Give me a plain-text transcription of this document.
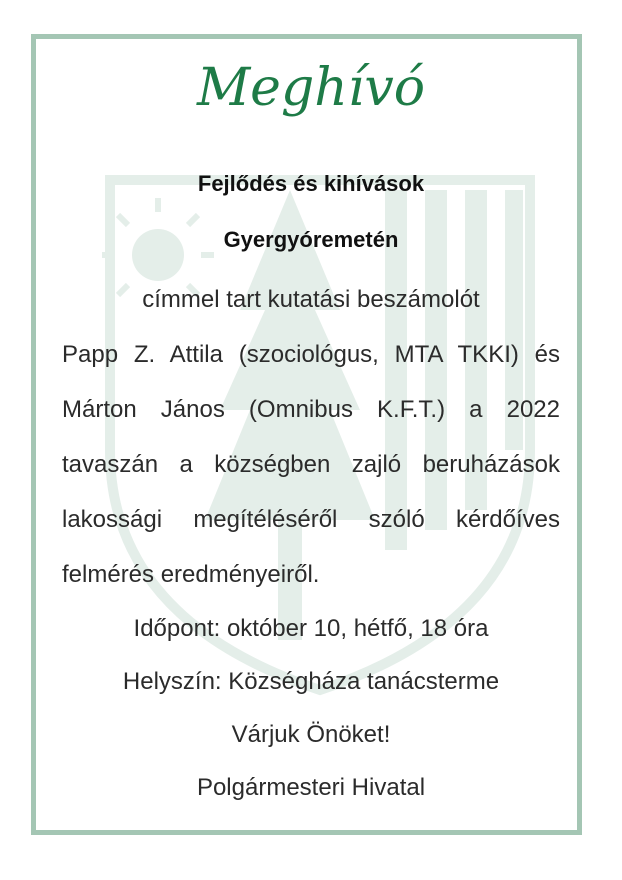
Meghívó
Fejlődés és kihívások
Gyergyóremetén
címmel tart kutatási beszámolót
Papp Z. Attila (szociológus, MTA TKKI) és
Márton János (Omnibus K.F.T.) a 2022
tavaszán a községben zajló beruházások
lakossági megítéléséről szóló kérdőíves
felmérés eredményeiről.
Időpont: október 10, hétfő, 18 óra
Helyszín: Községháza tanácsterme
Várjuk Önöket!
Polgármesteri Hivatal
